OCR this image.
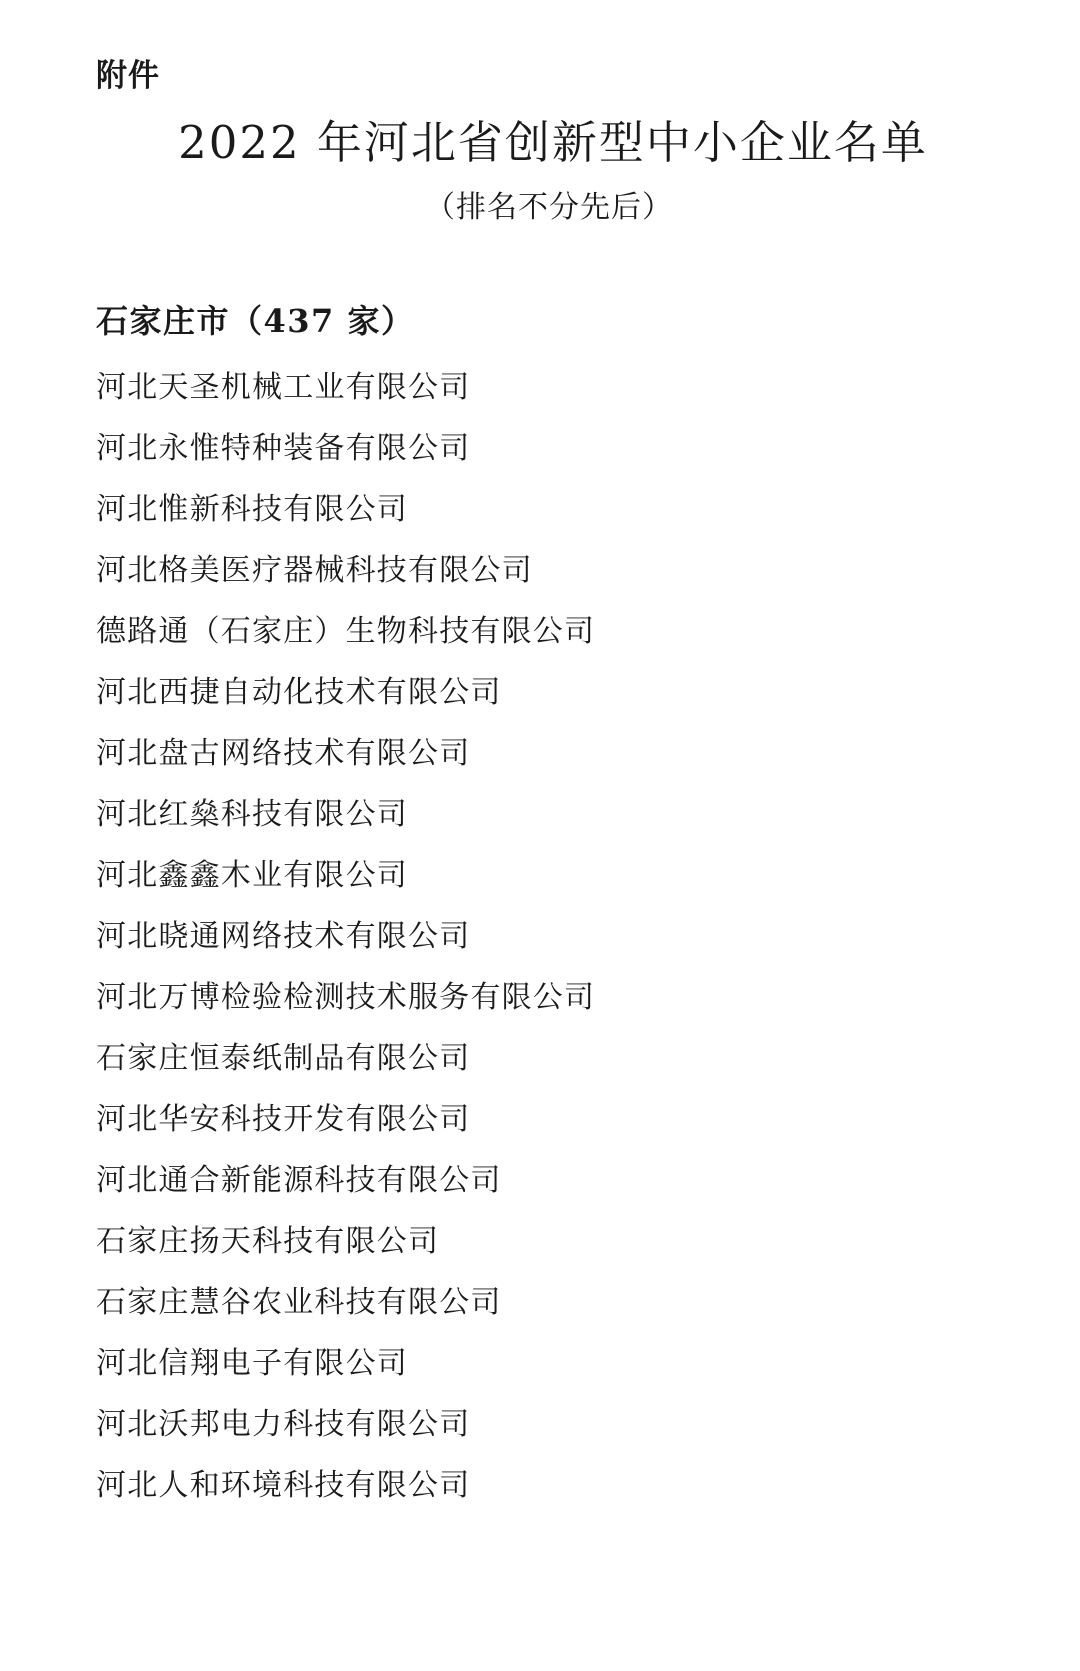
附件
2022 年河北省创新型中小企业名单
（排名不分先后）
石家庄市（437 家）
河北天圣机械工业有限公司
河北永惟特种装备有限公司
河北惟新科技有限公司
河北格美医疗器械科技有限公司
德路通（石家庄）生物科技有限公司
河北西捷自动化技术有限公司
河北盘古网络技术有限公司
河北红燊科技有限公司
河北鑫鑫木业有限公司
河北晓通网络技术有限公司
河北万博检验检测技术服务有限公司
石家庄恒泰纸制品有限公司
河北华安科技开发有限公司
河北通合新能源科技有限公司
石家庄扬天科技有限公司
石家庄慧谷农业科技有限公司
河北信翔电子有限公司
河北沃邦电力科技有限公司
河北人和环境科技有限公司
